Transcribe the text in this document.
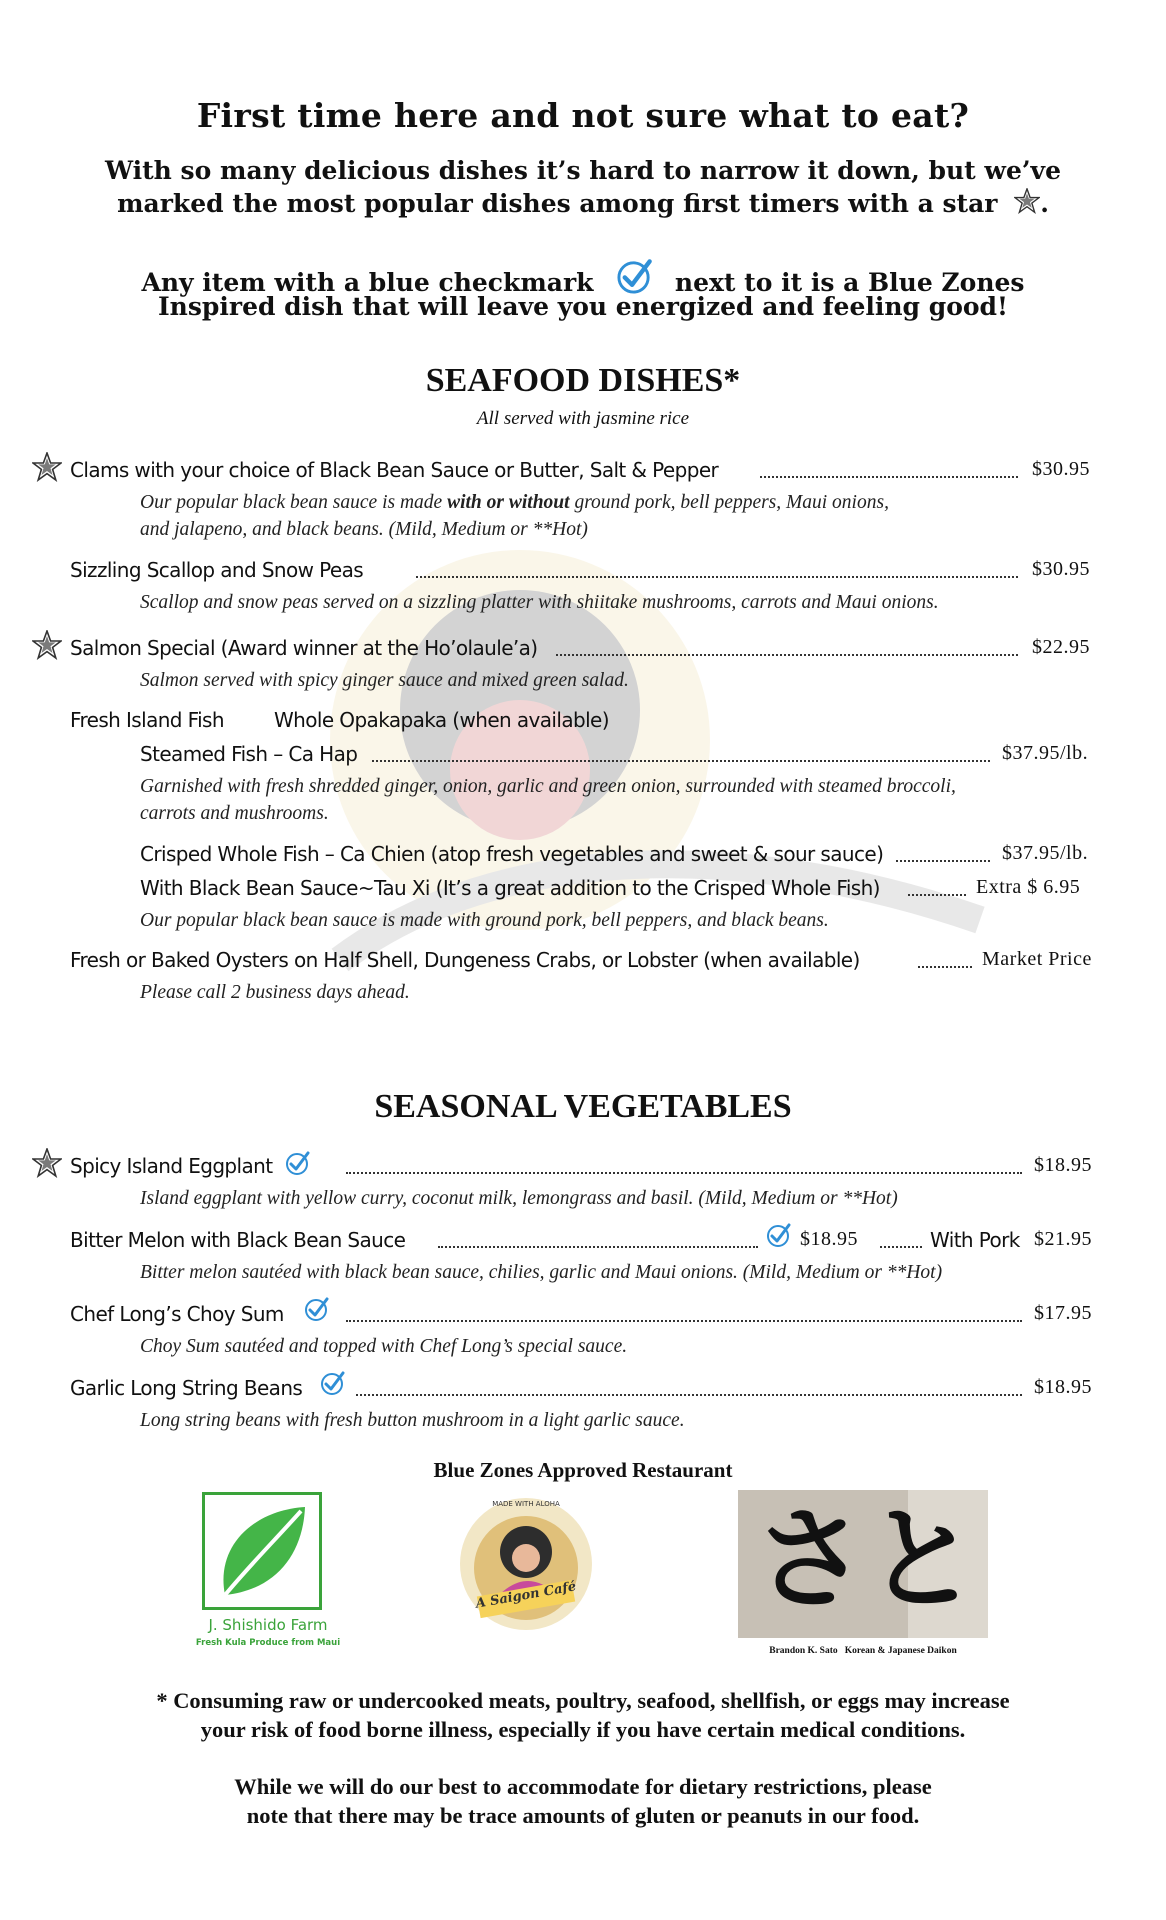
First time here and not sure what to eat?
With so many delicious dishes it’s hard to narrow it down, but we’ve
marked the most popular dishes among first timers with a star .
Any item with a blue checkmark	next to it is a Blue Zones
Inspired dish that will leave you energized and feeling good!
SEAFOOD DISHES*
All served with jasmine rice
Clams with your choice of Black Bean Sauce or Butter, Salt & Pepper	$30.95
Our popular black bean sauce is made with or without ground pork, bell peppers, Maui onions,
and jalapeno, and black beans. (Mild, Medium or **Hot)
Sizzling Scallop and Snow Peas	$30.95
Scallop and snow peas served on a sizzling platter with shiitake mushrooms, carrots and Maui onions.
Salmon Special (Award winner at the Ho’olaule’a)	$22.95
Salmon served with spicy ginger sauce and mixed green salad.
Fresh Island Fish	Whole Opakapaka (when available)
Steamed Fish – Ca Hap	$37.95/lb.
Garnished with fresh shredded ginger, onion, garlic and green onion, surrounded with steamed broccoli,
carrots and mushrooms.
Crisped Whole Fish – Ca Chien (atop fresh vegetables and sweet & sour sauce)	$37.95/lb.
With Black Bean Sauce~Tau Xi (It’s a great addition to the Crisped Whole Fish)	Extra $ 6.95
Our popular black bean sauce is made with ground pork, bell peppers, and black beans.
Fresh or Baked Oysters on Half Shell, Dungeness Crabs, or Lobster (when available)	Market Price
Please call 2 business days ahead.
SEASONAL VEGETABLES
Spicy Island Eggplant	$18.95
Island eggplant with yellow curry, coconut milk, lemongrass and basil. (Mild, Medium or **Hot)
Bitter Melon with Black Bean Sauce	$18.95	With Pork $21.95
Bitter melon sautéed with black bean sauce, chilies, garlic and Maui onions. (Mild, Medium or **Hot)
Chef Long’s Choy Sum	$17.95
Choy Sum sautéed and topped with Chef Long’s special sauce.
Garlic Long String Beans	$18.95
Long string beans with fresh button mushroom in a light garlic sauce.
Blue Zones Approved Restaurant
J. Shishido Farm
Fresh Kula Produce from Maui
MADE WITH ALOHA
A Saigon Café さと
Brandon K. Sato Korean & Japanese Daikon
* Consuming raw or undercooked meats, poultry, seafood, shellfish, or eggs may increase
your risk of food borne illness, especially if you have certain medical conditions.
While we will do our best to accommodate for dietary restrictions, please
note that there may be trace amounts of gluten or peanuts in our food.
